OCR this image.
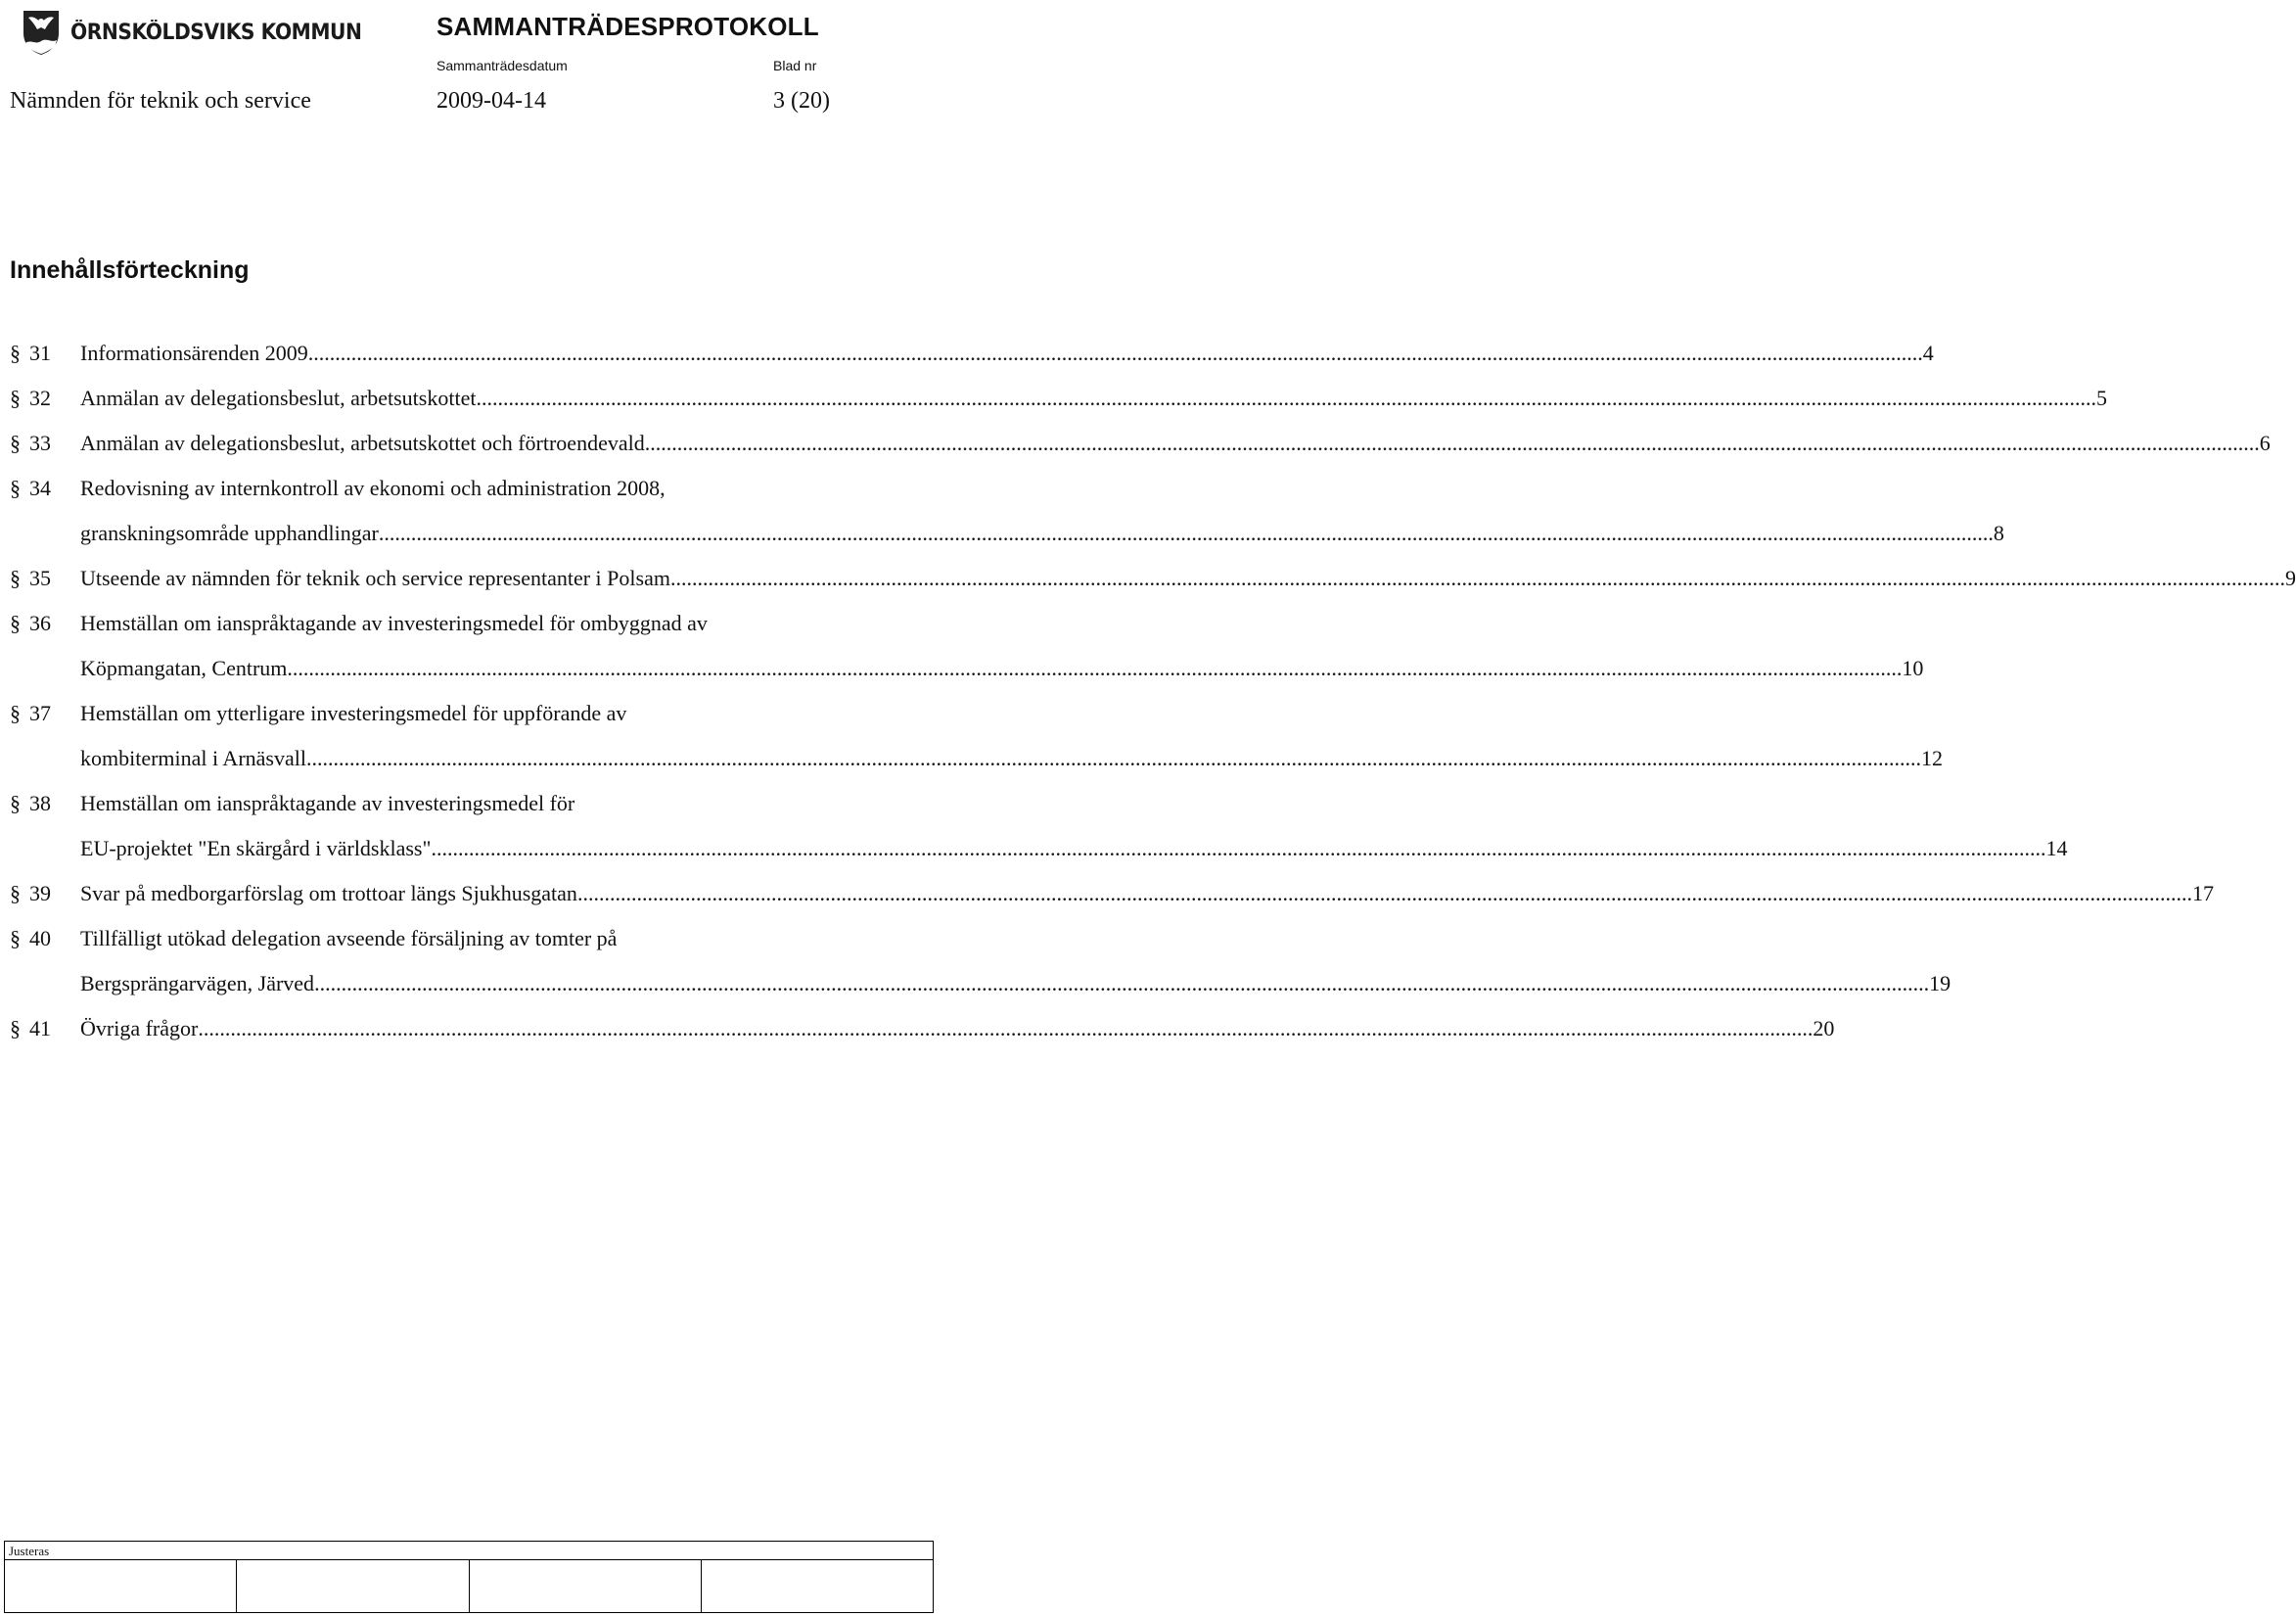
ÖRNSKÖLDSVIKS KOMMUN	SAMMANTRÄDESPROTOKOLL
Sammanträdesdatum	Blad nr
Nämnden för teknik och service	2009-04-14	3 (20)
Innehållsförteckning
§ 31 Informationsärenden 2009 ............................................................................................................................................................................................................................................................................................................ 4
§ 32 Anmälan av delegationsbeslut, arbetsutskottet. ............................................................................................................................................................................................................................................................................................................ 5
§ 33 Anmälan av delegationsbeslut, arbetsutskottet och förtroendevald ............................................................................................................................................................................................................................................................................................................ 6
§ 34 Redovisning av internkontroll av ekonomi och administration 2008,
granskningsområde upphandlingar ............................................................................................................................................................................................................................................................................................................ 8
§ 35 Utseende av nämnden för teknik och service representanter i Polsam ............................................................................................................................................................................................................................................................................................................ 9
§ 36 Hemställan om ianspråktagande av investeringsmedel för ombyggnad av
Köpmangatan, Centrum ............................................................................................................................................................................................................................................................................................................ 10
§ 37 Hemställan om ytterligare investeringsmedel för uppförande av
kombiterminal i Arnäsvall ............................................................................................................................................................................................................................................................................................................ 12
§ 38 Hemställan om ianspråktagande av investeringsmedel för
EU-projektet "En skärgård i världsklass" ............................................................................................................................................................................................................................................................................................................ 14
§ 39 Svar på medborgarförslag om trottoar längs Sjukhusgatan ............................................................................................................................................................................................................................................................................................................ 17
§ 40 Tillfälligt utökad delegation avseende försäljning av tomter på
Bergsprängarvägen, Järved ............................................................................................................................................................................................................................................................................................................ 19
§ 41 Övriga frågor ............................................................................................................................................................................................................................................................................................................ 20
Justeras
